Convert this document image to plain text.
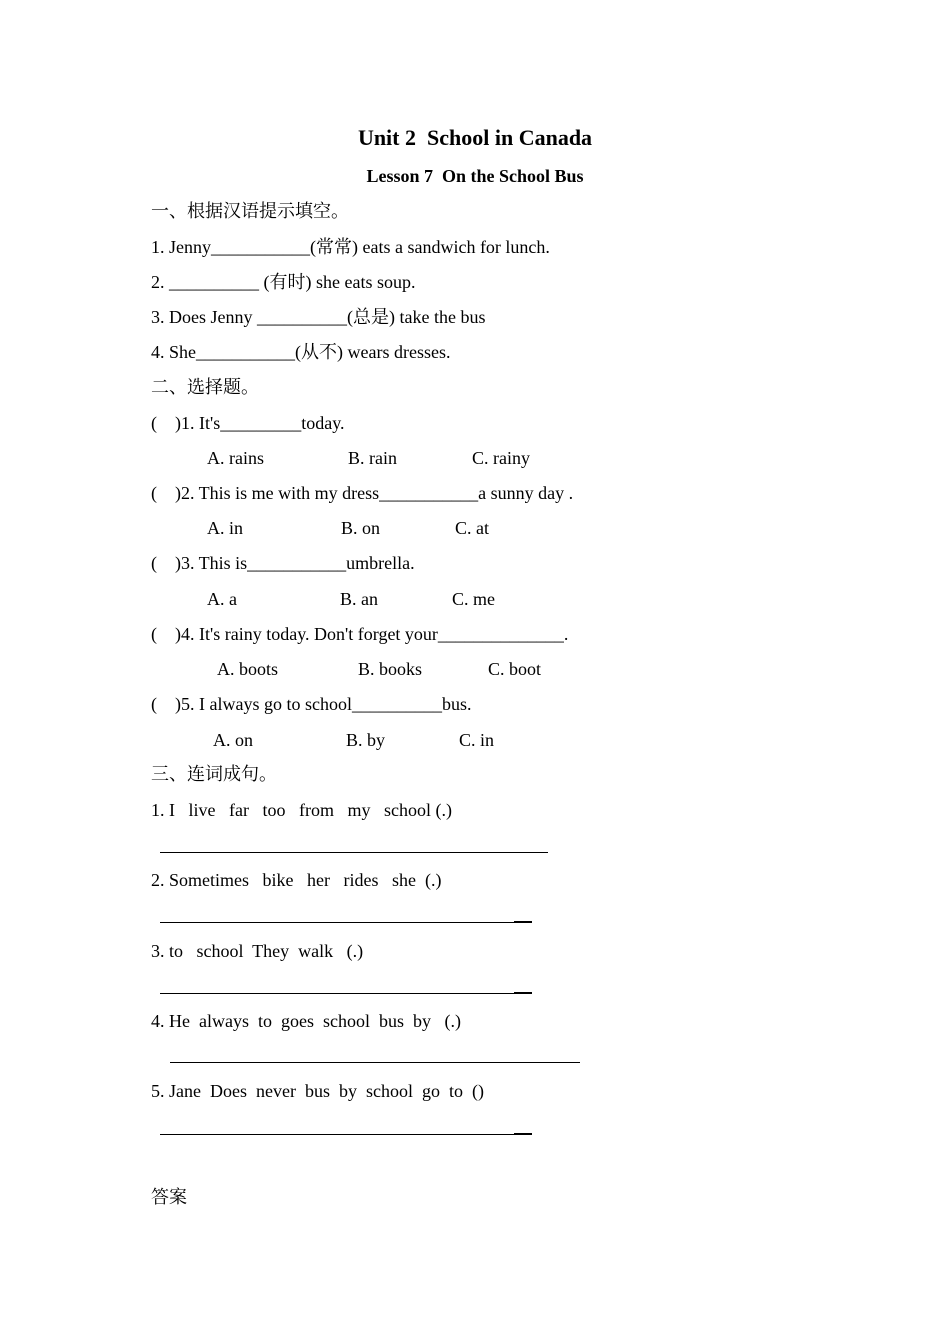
Unit 2  School in Canada
Lesson 7  On the School Bus
一、根据汉语提示填空。
1. Jenny___________(常常) eats a sandwich for lunch.
2. __________ (有时) she eats soup.
3. Does Jenny __________(总是) take the bus
4. She___________(从不) wears dresses.
二、选择题。
(    )1. It's_________today.
A. rains	B. rain	C. rainy
(    )2. This is me with my dress___________a sunny day .
A. in	B. on	C. at
(    )3. This is___________umbrella.
A. a	B. an	C. me
(    )4. It's rainy today. Don't forget your______________.
A. boots	B. books	C. boot
(    )5. I always go to school__________bus.
A. on	B. by	C. in
三、连词成句。
1. I   live   far   too   from   my   school (.)
2. Sometimes   bike   her   rides   she  (.)
3. to   school  They  walk   (.)
4. He  always  to  goes  school  bus  by   (.)
5. Jane  Does  never  bus  by  school  go  to  ()
答案
